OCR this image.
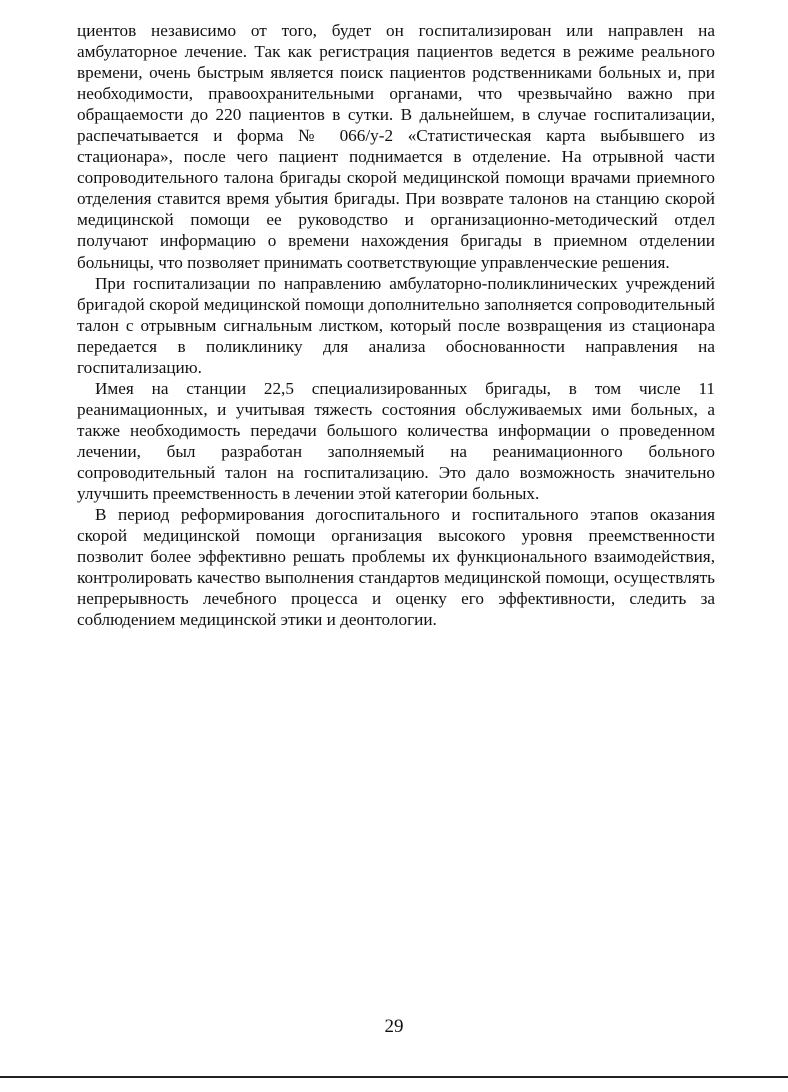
циентов независимо от того, будет он госпитализирован или направлен на амбулаторное лечение. Так как регистрация пациентов ведется в режиме реального времени, очень быстрым является поиск пациентов родственниками больных и, при необходимости, правоохранительными органами, что чрезвычайно важно при обращаемости до 220 пациентов в сутки. В дальнейшем, в случае госпитализации, распечатывается и форма № 066/у-2 «Статистическая карта выбывшего из стационара», после чего пациент поднимается в отделение. На отрывной части сопроводительного талона бригады скорой медицинской помощи врачами приемного отделения ставится время убытия бригады. При возврате талонов на станцию скорой медицинской помощи ее руководство и организационно-методический отдел получают информацию о времени нахождения бригады в приемном отделении больницы, что позволяет принимать соответствующие управленческие решения.

При госпитализации по направлению амбулаторно-поликлинических учреждений бригадой скорой медицинской помощи дополнительно заполняется сопроводительный талон с отрывным сигнальным листком, который после возвращения из стационара передается в поликлинику для анализа обоснованности направления на госпитализацию.

Имея на станции 22,5 специализированных бригады, в том числе 11 реанимационных, и учитывая тяжесть состояния обслуживаемых ими больных, а также необходимость передачи большого количества информации о проведенном лечении, был разработан заполняемый на реанимационного больного сопроводительный талон на госпитализацию. Это дало возможность значительно улучшить преемственность в лечении этой категории больных.

В период реформирования догоспитального и госпитального этапов оказания скорой медицинской помощи организация высокого уровня преемственности позволит более эффективно решать проблемы их функционального взаимодействия, контролировать качество выполнения стандартов медицинской помощи, осуществлять непрерывность лечебного процесса и оценку его эффективности, следить за соблюдением медицинской этики и деонтологии.

29
